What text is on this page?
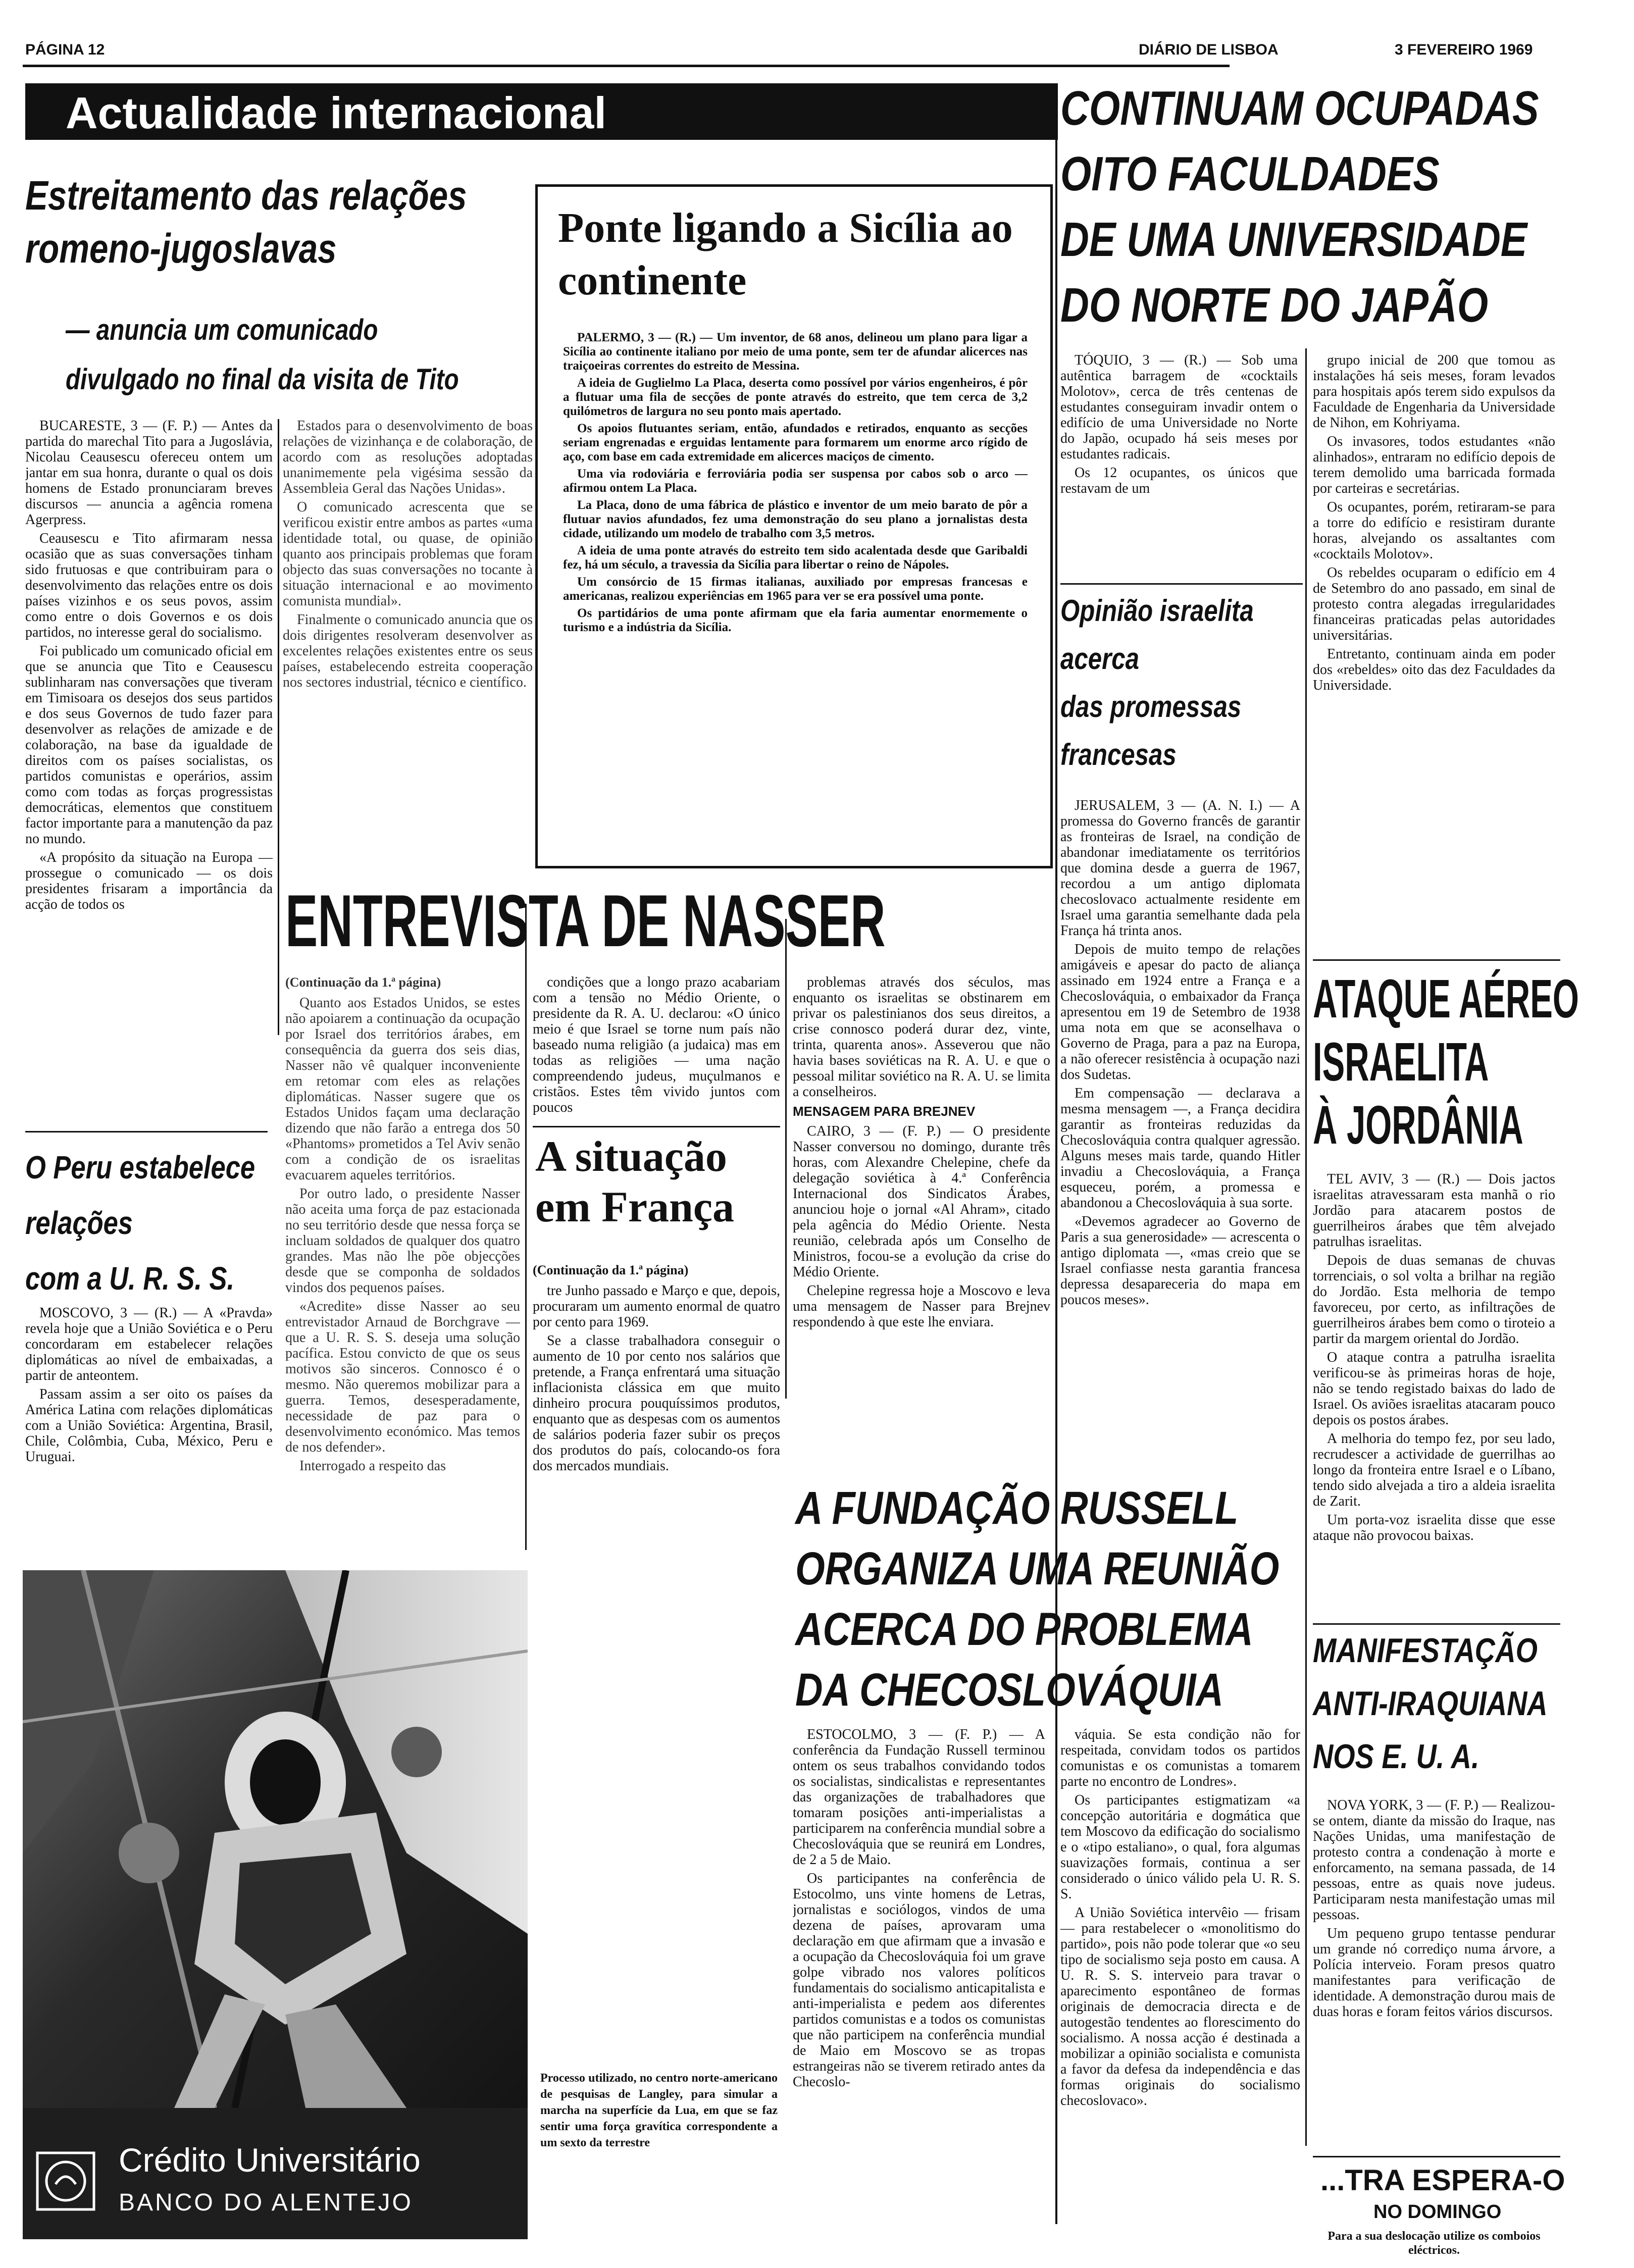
PÁGINA 12	DIÁRIO DE LISBOA	3 FEVEREIRO 1969
Actualidade internacional
Estreitamento das relações romeno-jugoslavas
— anuncia um comunicado divulgado no final da visita de Tito

BUCARESTE, 3 — (F. P.) — Antes da partida do marechal Tito para a Jugoslávia, Nicolau Ceausescu ofereceu ontem um jantar em sua honra, durante o qual os dois homens de Estado pronunciaram breves discursos — anuncia a agência romena Agerpress.

Ceausescu e Tito afirmaram nessa ocasião que as suas conversações tinham sido frutuosas e que contribuiram para o desenvolvimento das relações entre os dois países vizinhos e os seus povos, assim como entre o dois Governos e os dois partidos, no interesse geral do socialismo.

Foi publicado um comunicado oficial em que se anuncia que Tito e Ceausescu sublinharam nas conversações que tiveram em Timisoara os desejos dos seus partidos e dos seus Governos de tudo fazer para desenvolver as relações de amizade e de colaboração, na base da igualdade de direitos com os países socialistas, os partidos comunistas e operários, assim como com todas as forças progressistas democráticas, elementos que constituem factor importante para a manutenção da paz no mundo.

«A propósito da situação na Europa — prossegue o comunicado — os dois presidentes frisaram a importância da acção de todos os

Estados para o desenvolvimento de boas relações de vizinhança e de colaboração, de acordo com as resoluções adoptadas unanimemente pela vigésima sessão da Assembleia Geral das Nações Unidas».

O comunicado acrescenta que se verificou existir entre ambos as partes «uma identidade total, ou quase, de opinião quanto aos principais problemas que foram objecto das suas conversações no tocante à situação internacional e ao movimento comunista mundial».

Finalmente o comunicado anuncia que os dois dirigentes resolveram desenvolver as excelentes relações existentes entre os seus países, estabelecendo estreita cooperação nos sectores industrial, técnico e científico.

Ponte ligando a Sicília ao continente

PALERMO, 3 — (R.) — Um inventor, de 68 anos, delineou um plano para ligar a Sicília ao continente italiano por meio de uma ponte, sem ter de afundar alicerces nas traiçoeiras correntes do estreito de Messina.

A ideia de Guglielmo La Placa, deserta como possível por vários engenheiros, é pôr a flutuar uma fila de secções de ponte através do estreito, que tem cerca de 3,2 quilómetros de largura no seu ponto mais apertado.

Os apoios flutuantes seriam, então, afundados e retirados, enquanto as secções seriam engrenadas e erguidas lentamente para formarem um enorme arco rígido de aço, com base em cada extremidade em alicerces maciços de cimento.

Uma via rodoviária e ferroviária podia ser suspensa por cabos sob o arco — afirmou ontem La Placa.

La Placa, dono de uma fábrica de plástico e inventor de um meio barato de pôr a flutuar navios afundados, fez uma demonstração do seu plano a jornalistas desta cidade, utilizando um modelo de trabalho com 3,5 metros.

A ideia de uma ponte através do estreito tem sido acalentada desde que Garibaldi fez, há um século, a travessia da Sicília para libertar o reino de Nápoles.

Um consórcio de 15 firmas italianas, auxiliado por empresas francesas e americanas, realizou experiências em 1965 para ver se era possível uma ponte.

Os partidários de uma ponte afirmam que ela faria aumentar enormemente o turismo e a indústria da Sicília.

CONTINUAM OCUPADAS
OITO FACULDADES
DE UMA UNIVERSIDADE
DO NORTE DO JAPÃO

TÓQUIO, 3 — (R.) — Sob uma autêntica barragem de «cocktails Molotov», cerca de três centenas de estudantes conseguiram invadir ontem o edifício de uma Universidade no Norte do Japão, ocupado há seis meses por estudantes radicais.

Os 12 ocupantes, os únicos que restavam de um

grupo inicial de 200 que tomou as instalações há seis meses, foram levados para hospitais após terem sido expulsos da Faculdade de Engenharia da Universidade de Nihon, em Kohriyama.

Os invasores, todos estudantes «não alinhados», entraram no edifício depois de terem demolido uma barricada formada por carteiras e secretárias.

Os ocupantes, porém, retiraram-se para a torre do edifício e resistiram durante horas, alvejando os assaltantes com «cocktails Molotov».

Os rebeldes ocuparam o edifício em 4 de Setembro do ano passado, em sinal de protesto contra alegadas irregularidades financeiras praticadas pelas autoridades universitárias.

Entretanto, continuam ainda em poder dos «rebeldes» oito das dez Faculdades da Universidade.

Opinião israelita
acerca
das promessas
francesas

JERUSALEM, 3 — (A. N. I.) — A promessa do Governo francês de garantir as fronteiras de Israel, na condição de abandonar imediatamente os territórios que domina desde a guerra de 1967, recordou a um antigo diplomata checoslovaco actualmente residente em Israel uma garantia semelhante dada pela França há trinta anos.

Depois de muito tempo de relações amigáveis e apesar do pacto de aliança assinado em 1924 entre a França e a Checoslováquia, o embaixador da França apresentou em 19 de Setembro de 1938 uma nota em que se aconselhava o Governo de Praga, para a paz na Europa, a não oferecer resistência à ocupação nazi dos Sudetas.

Em compensação — declarava a mesma mensagem —, a França decidira garantir as fronteiras reduzidas da Checoslováquia contra qualquer agressão. Alguns meses mais tarde, quando Hitler invadiu a Checoslováquia, a França esqueceu, porém, a promessa e abandonou a Checoslováquia à sua sorte.

«Devemos agradecer ao Governo de Paris a sua generosidade» — acrescenta o antigo diplomata —, «mas creio que se Israel confiasse nesta garantia francesa depressa desapareceria do mapa em poucos meses».

ATAQUE AÉREO
ISRAELITA
À JORDÂNIA

TEL AVIV, 3 — (R.) — Dois jactos israelitas atravessaram esta manhã o rio Jordão para atacarem postos de guerrilheiros árabes que têm alvejado patrulhas israelitas.

Depois de duas semanas de chuvas torrenciais, o sol volta a brilhar na região do Jordão. Esta melhoria de tempo favoreceu, por certo, as infiltrações de guerrilheiros árabes bem como o tiroteio a partir da margem oriental do Jordão.

O ataque contra a patrulha israelita verificou-se às primeiras horas de hoje, não se tendo registado baixas do lado de Israel. Os aviões israelitas atacaram pouco depois os postos árabes.

A melhoria do tempo fez, por seu lado, recrudescer a actividade de guerrilhas ao longo da fronteira entre Israel e o Líbano, tendo sido alvejada a tiro a aldeia israelita de Zarit.

Um porta-voz israelita disse que esse ataque não provocou baixas.

MANIFESTAÇÃO
ANTI-IRAQUIANA
NOS E. U. A.

NOVA YORK, 3 — (F. P.) — Realizou-se ontem, diante da missão do Iraque, nas Nações Unidas, uma manifestação de protesto contra a condenação à morte e enforcamento, na semana passada, de 14 pessoas, entre as quais nove judeus. Participaram nesta manifestação umas mil pessoas.

Um pequeno grupo tentasse pendurar um grande nó corrediço numa árvore, a Polícia interveio. Foram presos quatro manifestantes para verificação de identidade. A demonstração durou mais de duas horas e foram feitos vários discursos.

...TRA ESPERA-O
NO DOMINGO
Para a sua deslocação utilize os comboios eléctricos.
O Peru estabelece
relações
com a U. R. S. S.

MOSCOVO, 3 — (R.) — A «Pravda» revela hoje que a União Soviética e o Peru concordaram em estabelecer relações diplomáticas ao nível de embaixadas, a partir de anteontem.

Passam assim a ser oito os países da América Latina com relações diplomáticas com a União Soviética: Argentina, Brasil, Chile, Colômbia, Cuba, México, Peru e Uruguai.

ENTREVISTA DE NASSER
(Continuação da 1.ª página)

Quanto aos Estados Unidos, se estes não apoiarem a continuação da ocupação por Israel dos territórios árabes, em consequência da guerra dos seis dias, Nasser não vê qualquer inconveniente em retomar com eles as relações diplomáticas. Nasser sugere que os Estados Unidos façam uma declaração dizendo que não farão a entrega dos 50 «Phantoms» prometidos a Tel Aviv senão com a condição de os israelitas evacuarem aqueles territórios.

Por outro lado, o presidente Nasser não aceita uma força de paz estacionada no seu território desde que nessa força se incluam soldados de qualquer dos quatro grandes. Mas não lhe põe objecções desde que se componha de soldados vindos dos pequenos países.

«Acredite» disse Nasser ao seu entrevistador Arnaud de Borchgrave — que a U. R. S. S. deseja uma solução pacífica. Estou convicto de que os seus motivos são sinceros. Connosco é o mesmo. Não queremos mobilizar para a guerra. Temos, desesperadamente, necessidade de paz para o desenvolvimento económico. Mas temos de nos defender».

Interrogado a respeito das

condições que a longo prazo acabariam com a tensão no Médio Oriente, o presidente da R. A. U. declarou: «O único meio é que Israel se torne num país não baseado numa religião (a judaica) mas em todas as religiões — uma nação compreendendo judeus, muçulmanos e cristãos. Estes têm vivido juntos com poucos

problemas através dos séculos, mas enquanto os israelitas se obstinarem em privar os palestinianos dos seus direitos, a crise connosco poderá durar dez, vinte, trinta, quarenta anos». Asseverou que não havia bases soviéticas na R. A. U. e que o pessoal militar soviético na R. A. U. se limita a conselheiros.

MENSAGEM PARA BREJNEV

CAIRO, 3 — (F. P.) — O presidente Nasser conversou no domingo, durante três horas, com Alexandre Chelepine, chefe da delegação soviética à 4.ª Conferência Internacional dos Sindicatos Árabes, anunciou hoje o jornal «Al Ahram», citado pela agência do Médio Oriente. Nesta reunião, celebrada após um Conselho de Ministros, focou-se a evolução da crise do Médio Oriente.

Chelepine regressa hoje a Moscovo e leva uma mensagem de Nasser para Brejnev respondendo à que este lhe enviara.

A situação em França
(Continuação da 1.ª página)

tre Junho passado e Março e que, depois, procuraram um aumento enormal de quatro por cento para 1969.

Se a classe trabalhadora conseguir o aumento de 10 por cento nos salários que pretende, a França enfrentará uma situação inflacionista clássica em que muito dinheiro procura pouquíssimos produtos, enquanto que as despesas com os aumentos de salários poderia fazer subir os preços dos produtos do país, colocando-os fora dos mercados mundiais.

A FUNDAÇÃO RUSSELL
ORGANIZA UMA REUNIÃO
ACERCA DO PROBLEMA
DA CHECOSLOVÁQUIA

ESTOCOLMO, 3 — (F. P.) — A conferência da Fundação Russell terminou ontem os seus trabalhos convidando todos os socialistas, sindicalistas e representantes das organizações de trabalhadores que tomaram posições anti-imperialistas a participarem na conferência mundial sobre a Checoslováquia que se reunirá em Londres, de 2 a 5 de Maio.

Os participantes na conferência de Estocolmo, uns vinte homens de Letras, jornalistas e sociólogos, vindos de uma dezena de países, aprovaram uma declaração em que afirmam que a invasão e a ocupação da Checoslováquia foi um grave golpe vibrado nos valores políticos fundamentais do socialismo anticapitalista e anti-imperialista e pedem aos diferentes partidos comunistas e a todos os comunistas que não participem na conferência mundial de Maio em Moscovo se as tropas estrangeiras não se tiverem retirado antes da Checoslo-

váquia. Se esta condição não for respeitada, convidam todos os partidos comunistas e os comunistas a tomarem parte no encontro de Londres».

Os participantes estigmatizam «a concepção autoritária e dogmática que tem Moscovo da edificação do socialismo e o «tipo estaliano», o qual, fora algumas suavizações formais, continua a ser considerado o único válido pela U. R. S. S.

A União Soviética intervêio — frisam — para restabelecer o «monolitismo do partido», pois não pode tolerar que «o seu tipo de socialismo seja posto em causa. A U. R. S. S. interveio para travar o aparecimento espontâneo de formas originais de democracia directa e de autogestão tendentes ao florescimento do socialismo. A nossa acção é destinada a mobilizar a opinião socialista e comunista a favor da defesa da independência e das formas originais do socialismo checoslovaco».

Crédito Universitário
BANCO DO ALENTEJO
Processo utilizado, no centro norte-americano de pesquisas de Langley, para simular a marcha na superfície da Lua, em que se faz sentir uma força gravítica correspondente a um sexto da terrestre
